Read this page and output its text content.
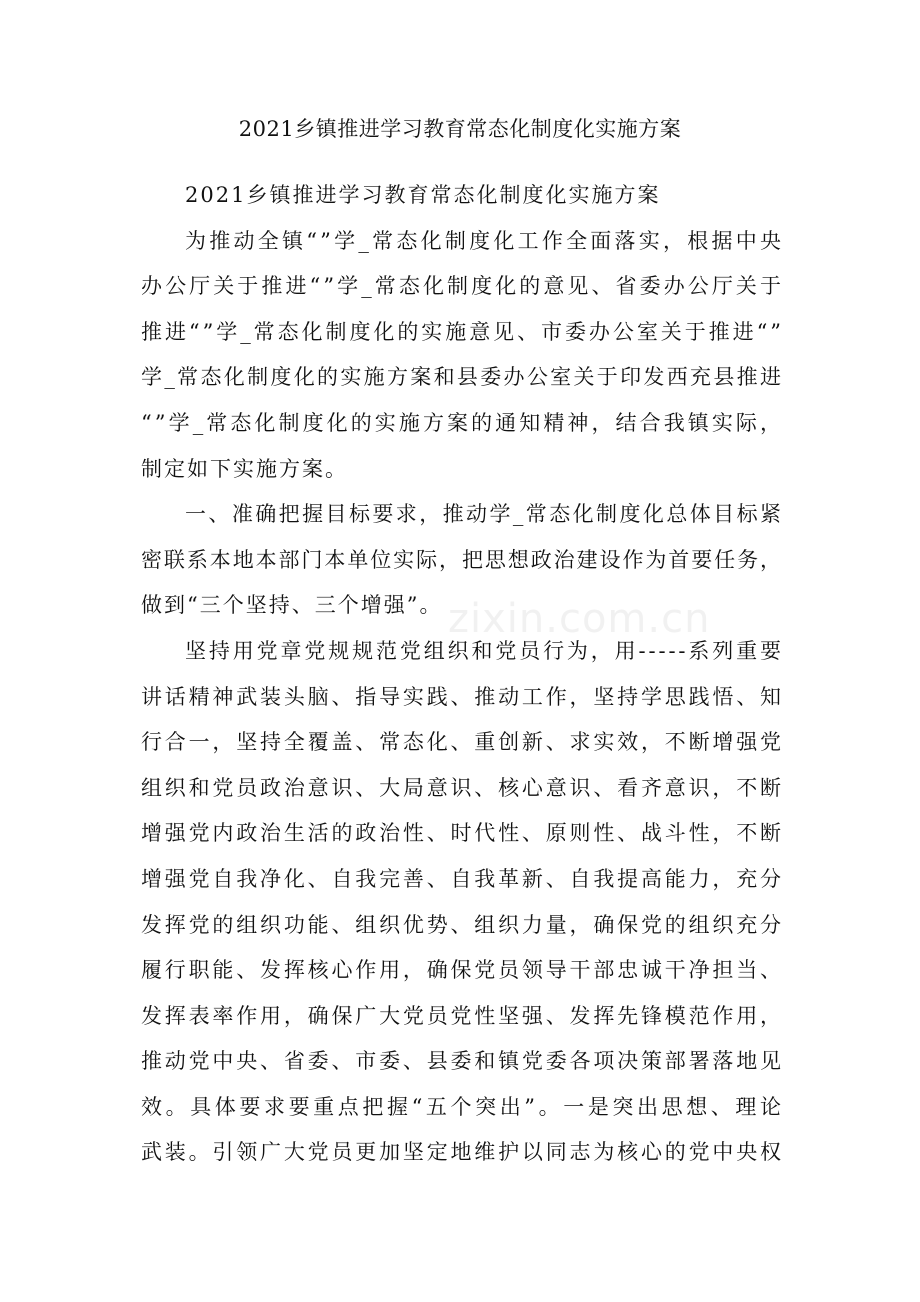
2021乡镇推进学习教育常态化制度化实施方案
2021乡镇推进学习教育常态化制度化实施方案
为推动全镇“”学_常态化制度化工作全面落实，根据中央
办公厅关于推进“”学_常态化制度化的意见、省委办公厅关于
推进“”学_常态化制度化的实施意见、市委办公室关于推进“”
学_常态化制度化的实施方案和县委办公室关于印发西充县推进
“”学_常态化制度化的实施方案的通知精神，结合我镇实际，
制定如下实施方案。
一、准确把握目标要求，推动学_常态化制度化总体目标紧
密联系本地本部门本单位实际，把思想政治建设作为首要任务，
做到“三个坚持、三个增强”。
坚持用党章党规规范党组织和党员行为，用-----系列重要
讲话精神武装头脑、指导实践、推动工作，坚持学思践悟、知
行合一，坚持全覆盖、常态化、重创新、求实效，不断增强党
组织和党员政治意识、大局意识、核心意识、看齐意识，不断
增强党内政治生活的政治性、时代性、原则性、战斗性，不断
增强党自我净化、自我完善、自我革新、自我提高能力，充分
发挥党的组织功能、组织优势、组织力量，确保党的组织充分
履行职能、发挥核心作用，确保党员领导干部忠诚干净担当、
发挥表率作用，确保广大党员党性坚强、发挥先锋模范作用，
推动党中央、省委、市委、县委和镇党委各项决策部署落地见
效。具体要求要重点把握“五个突出”。一是突出思想、理论
武装。引领广大党员更加坚定地维护以同志为核心的党中央权
zixin.com.cn
